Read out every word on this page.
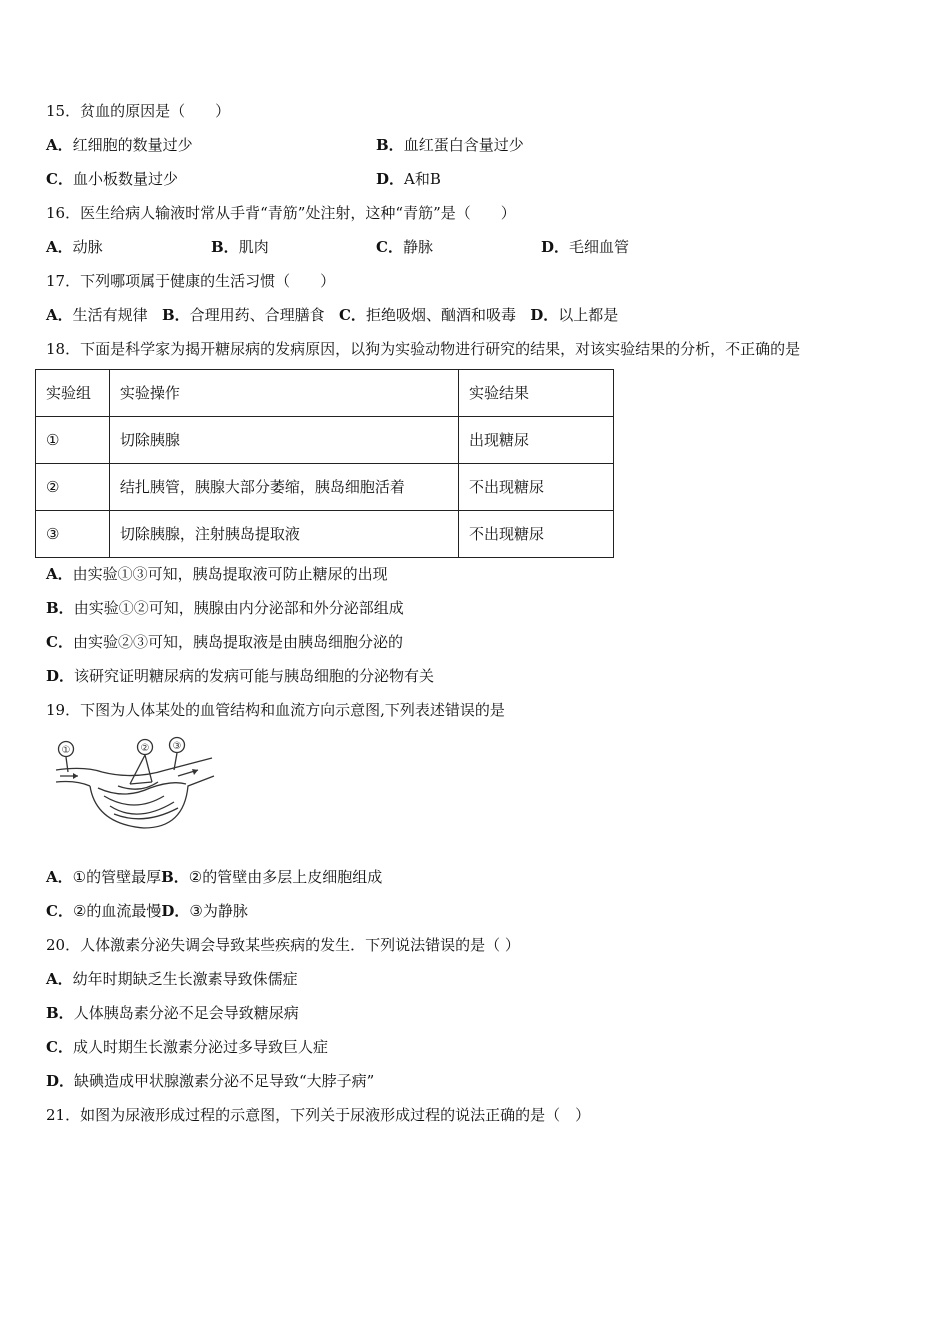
15．贫血的原因是（　　）
A．红细胞的数量过少	B．血红蛋白含量过少
C．血小板数量过少	D．A和B
16．医生给病人输液时常从手背“青筋”处注射，这种“青筋”是（　　）
A．动脉	B．肌肉	C．静脉	D．毛细血管
17．下列哪项属于健康的生活习惯（　　）
A．生活有规律 B．合理用药、合理膳食 C．拒绝吸烟、酗酒和吸毒 D．以上都是
18．下面是科学家为揭开糖尿病的发病原因，以狗为实验动物进行研究的结果，对该实验结果的分析，不正确的是
实验组	实验操作	实验结果
①	切除胰腺	出现糖尿
②	结扎胰管，胰腺大部分萎缩，胰岛细胞活着	不出现糖尿
③	切除胰腺，注射胰岛提取液	不出现糖尿
A．由实验①③可知，胰岛提取液可防止糖尿的出现
B．由实验①②可知，胰腺由内分泌部和外分泌部组成
C．由实验②③可知，胰岛提取液是由胰岛细胞分泌的
D．该研究证明糖尿病的发病可能与胰岛细胞的分泌物有关
19．下图为人体某处的血管结构和血流方向示意图,下列表述错误的是
①	② ③
A．①的管壁最厚B．②的管壁由多层上皮细胞组成
C．②的血流最慢D．③为静脉
20．人体激素分泌失调会导致某些疾病的发生．下列说法错误的是（ ）
A．幼年时期缺乏生长激素导致侏儒症
B．人体胰岛素分泌不足会导致糖尿病
C．成人时期生长激素分泌过多导致巨人症
D．缺碘造成甲状腺激素分泌不足导致“大脖子病”
21．如图为尿液形成过程的示意图，下列关于尿液形成过程的说法正确的是（　）
